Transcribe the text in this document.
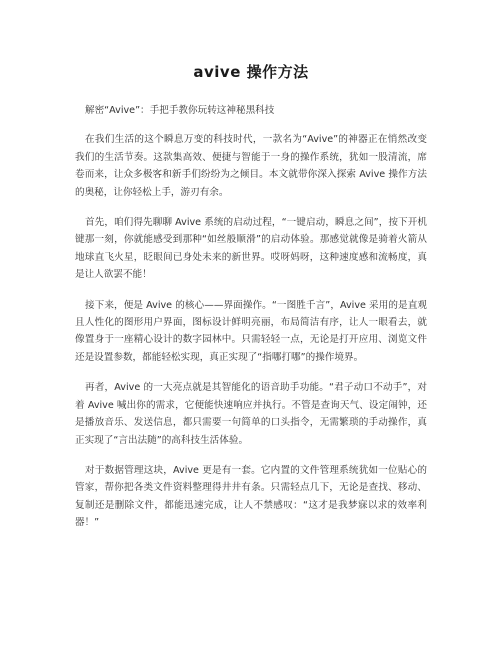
avive 操作方法

解密“Avive”：手把手教你玩转这神秘黑科技

在我们生活的这个瞬息万变的科技时代，一款名为“Avive”的神器正在悄然改变我们的生活节奏。这款集高效、便捷与智能于一身的操作系统，犹如一股清流，席卷而来，让众多极客和新手们纷纷为之倾目。本文就带你深入探索 Avive 操作方法的奥秘，让你轻松上手，游刃有余。

首先，咱们得先聊聊 Avive 系统的启动过程，“一键启动，瞬息之间”，按下开机键那一刻，你就能感受到那种“如丝般顺滑”的启动体验。那感觉就像是骑着火箭从地球直飞火星，眨眼间已身处未来的新世界。哎呀妈呀，这种速度感和流畅度，真是让人欲罢不能！

接下来，便是 Avive 的核心——界面操作。“一图胜千言”，Avive 采用的是直观且人性化的图形用户界面，图标设计鲜明亮丽，布局简洁有序，让人一眼看去，就像置身于一座精心设计的数字园林中。只需轻轻一点，无论是打开应用、浏览文件还是设置参数，都能轻松实现，真正实现了“指哪打哪”的操作境界。

再者，Avive 的一大亮点就是其智能化的语音助手功能。“君子动口不动手”，对着 Avive 喊出你的需求，它便能快速响应并执行。不管是查询天气、设定闹钟，还是播放音乐、发送信息，都只需要一句简单的口头指令，无需繁琐的手动操作，真正实现了“言出法随”的高科技生活体验。

对于数据管理这块，Avive 更是有一套。它内置的文件管理系统犹如一位贴心的管家，帮你把各类文件资料整理得井井有条。只需轻点几下，无论是查找、移动、复制还是删除文件，都能迅速完成，让人不禁感叹：“这才是我梦寐以求的效率利器！”
